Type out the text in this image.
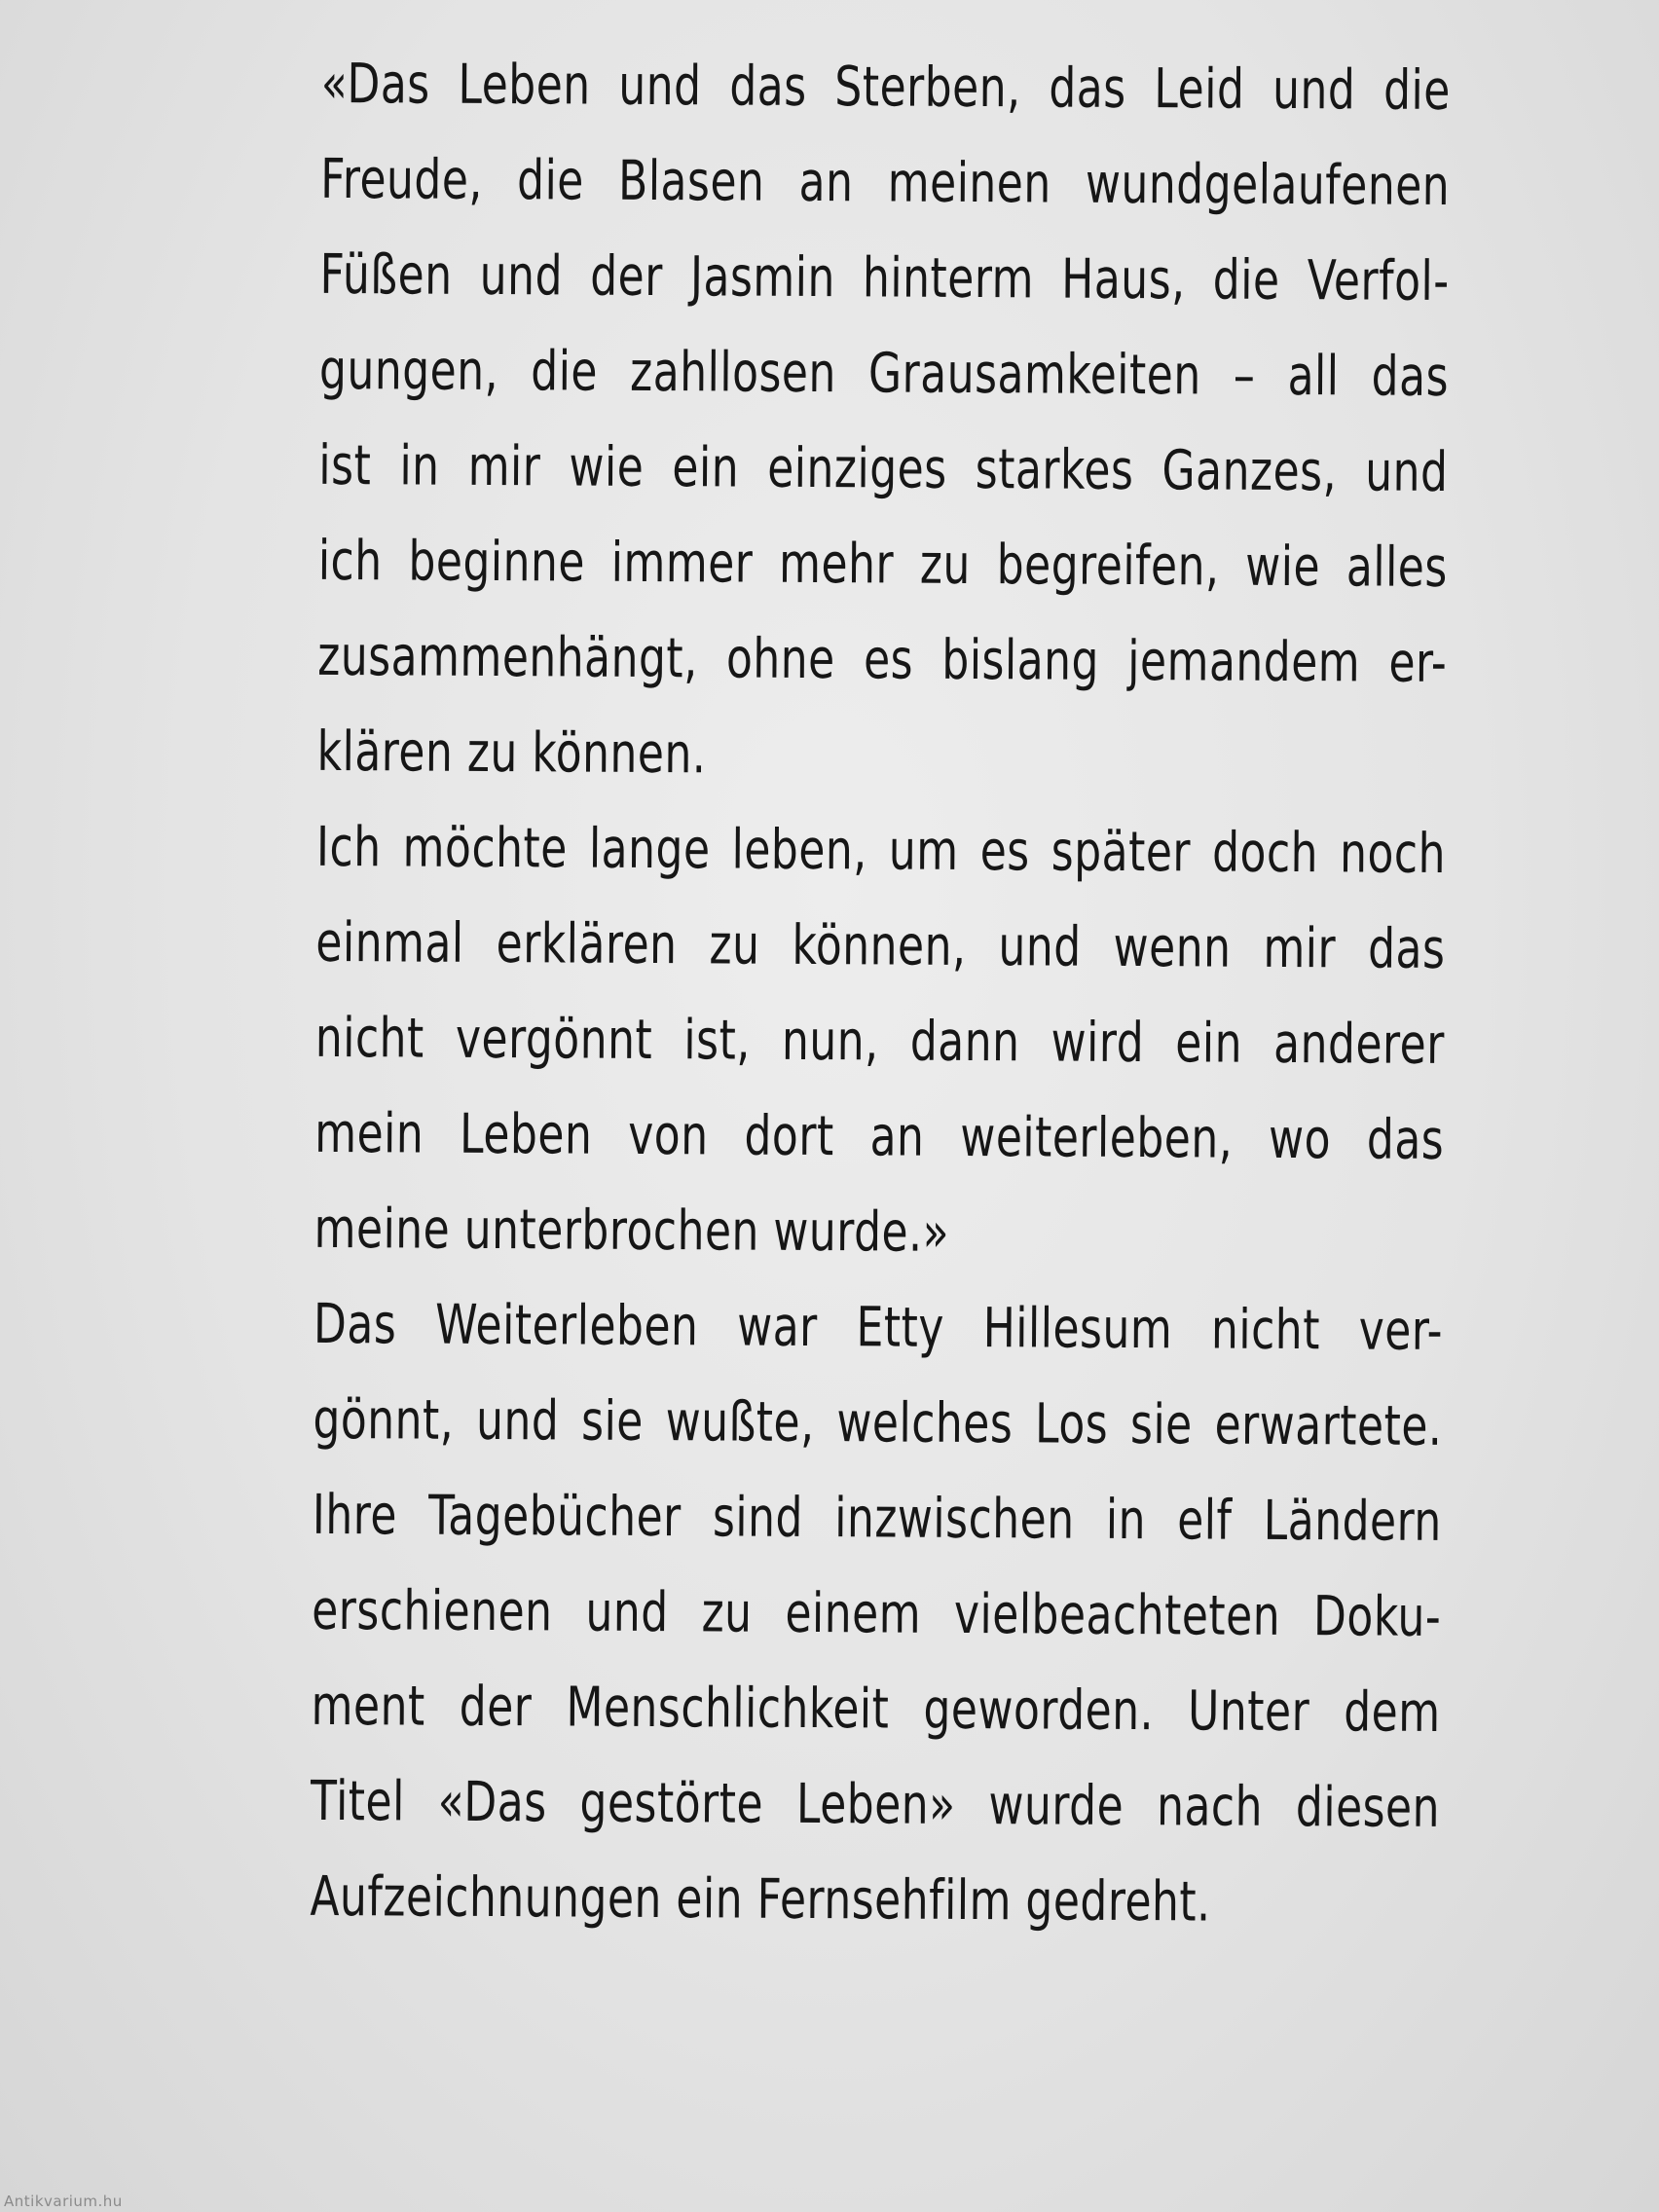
«Das Leben und das Sterben, das Leid und die
Freude, die Blasen an meinen wundgelaufenen
Füßen und der Jasmin hinterm Haus, die Verfol-
gungen, die zahllosen Grausamkeiten – all das
ist in mir wie ein einziges starkes Ganzes, und
ich beginne immer mehr zu begreifen, wie alles
zusammenhängt, ohne es bislang jemandem er-
klären zu können.
Ich möchte lange leben, um es später doch noch
einmal erklären zu können, und wenn mir das
nicht vergönnt ist, nun, dann wird ein anderer
mein Leben von dort an weiterleben, wo das
meine unterbrochen wurde.»
Das Weiterleben war Etty Hillesum nicht ver-
gönnt, und sie wußte, welches Los sie erwartete.
Ihre Tagebücher sind inzwischen in elf Ländern
erschienen und zu einem vielbeachteten Doku-
ment der Menschlichkeit geworden. Unter dem
Titel «Das gestörte Leben» wurde nach diesen
Aufzeichnungen ein Fernsehfilm gedreht.
Antikvarium.hu
